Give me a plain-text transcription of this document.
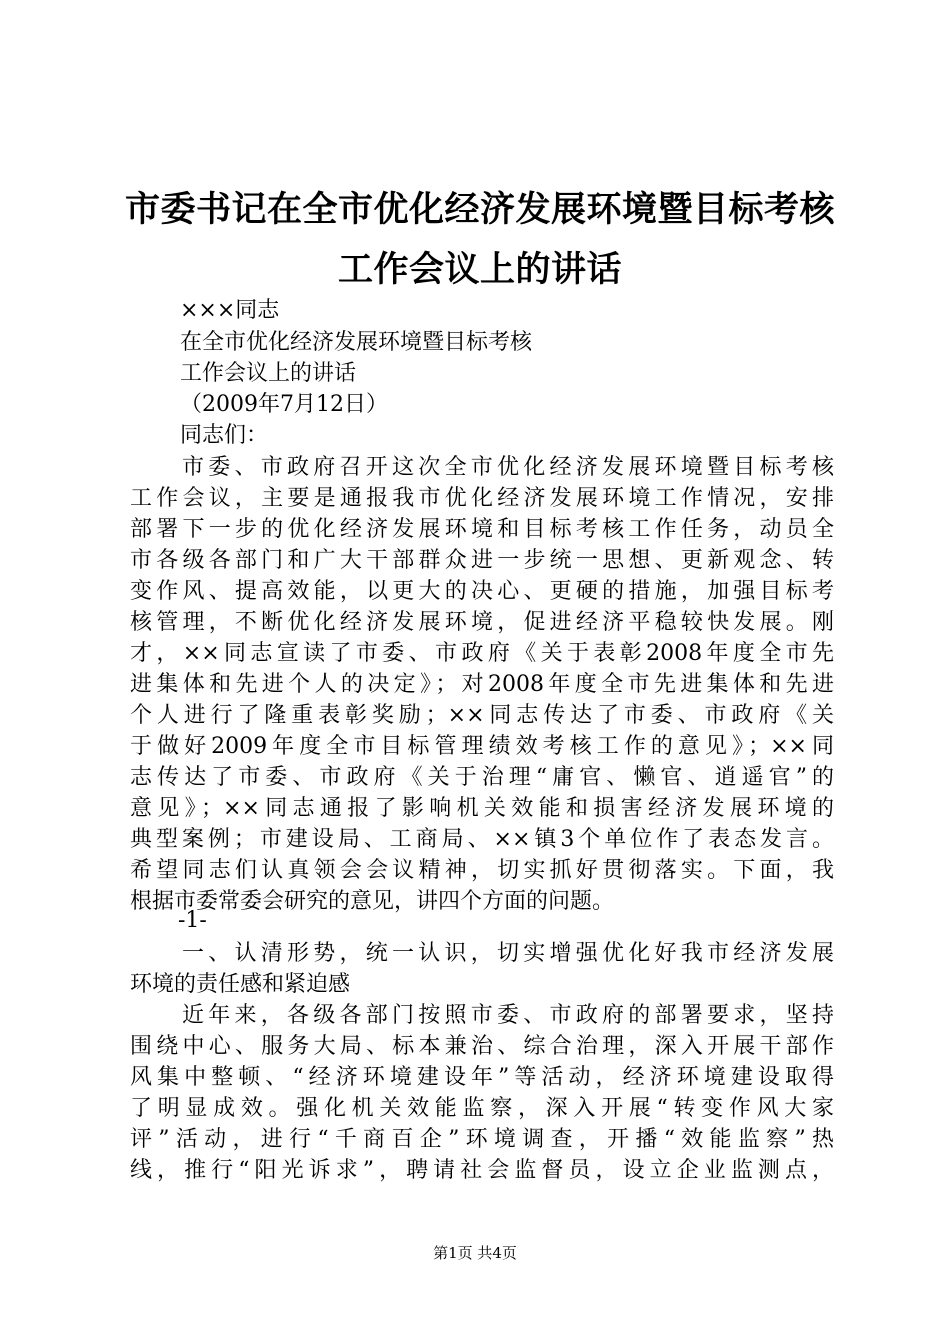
市委书记在全市优化经济发展环境暨目标考核
工作会议上的讲话
×××同志
在全市优化经济发展环境暨目标考核
工作会议上的讲话
（2009年7月12日）
同志们：
市委、市政府召开这次全市优化经济发展环境暨目标考核
工作会议，主要是通报我市优化经济发展环境工作情况，安排
部署下一步的优化经济发展环境和目标考核工作任务，动员全
市各级各部门和广大干部群众进一步统一思想、更新观念、转
变作风、提高效能，以更大的决心、更硬的措施，加强目标考
核管理，不断优化经济发展环境，促进经济平稳较快发展。刚
才，××同志宣读了市委、市政府《关于表彰2008年度全市先
进集体和先进个人的决定》；对2008年度全市先进集体和先进
个人进行了隆重表彰奖励；××同志传达了市委、市政府《关
于做好2009年度全市目标管理绩效考核工作的意见》；××同
志传达了市委、市政府《关于治理“庸官、懒官、逍遥官”的
意见》；××同志通报了影响机关效能和损害经济发展环境的
典型案例；市建设局、工商局、××镇3个单位作了表态发言。
希望同志们认真领会会议精神，切实抓好贯彻落实。下面，我
根据市委常委会研究的意见，讲四个方面的问题。
-1-
一、认清形势，统一认识，切实增强优化好我市经济发展
环境的责任感和紧迫感
近年来，各级各部门按照市委、市政府的部署要求，坚持
围绕中心、服务大局、标本兼治、综合治理，深入开展干部作
风集中整顿、“经济环境建设年”等活动，经济环境建设取得
了明显成效。强化机关效能监察，深入开展“转变作风大家
评”活动，进行“千商百企”环境调查，开播“效能监察”热
线，推行“阳光诉求”，聘请社会监督员，设立企业监测点，
第1页 共4页
